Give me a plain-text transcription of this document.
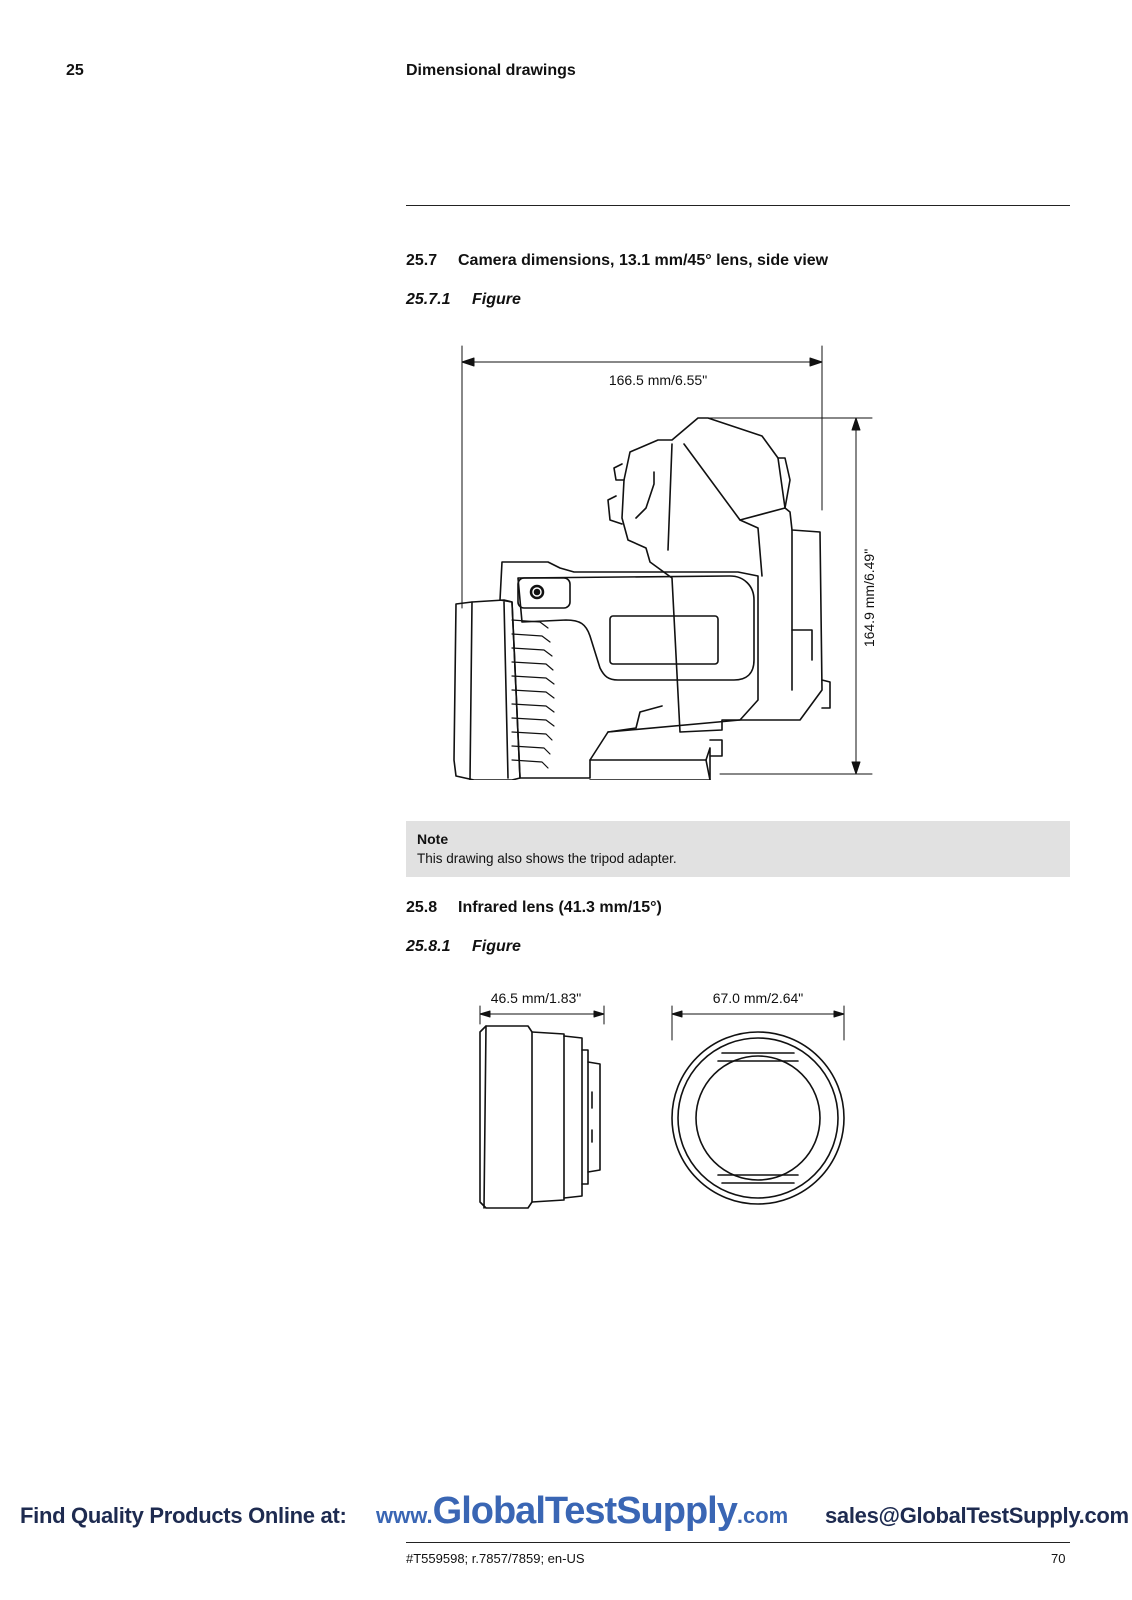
25	Dimensional drawings
25.7 Camera dimensions, 13.1 mm/45° lens, side view
25.7.1 Figure
166.5 mm/6.55"
164.9 mm/6.49"
Note
This drawing also shows the tripod adapter.
25.8 Infrared lens (41.3 mm/15°)
25.8.1 Figure
46.5 mm/1.83"	67.0 mm/2.64"
Find Quality Products Online at: www.GlobalTestSupply.com sales@GlobalTestSupply.com
#T559598; r.7857/7859; en-US	70
